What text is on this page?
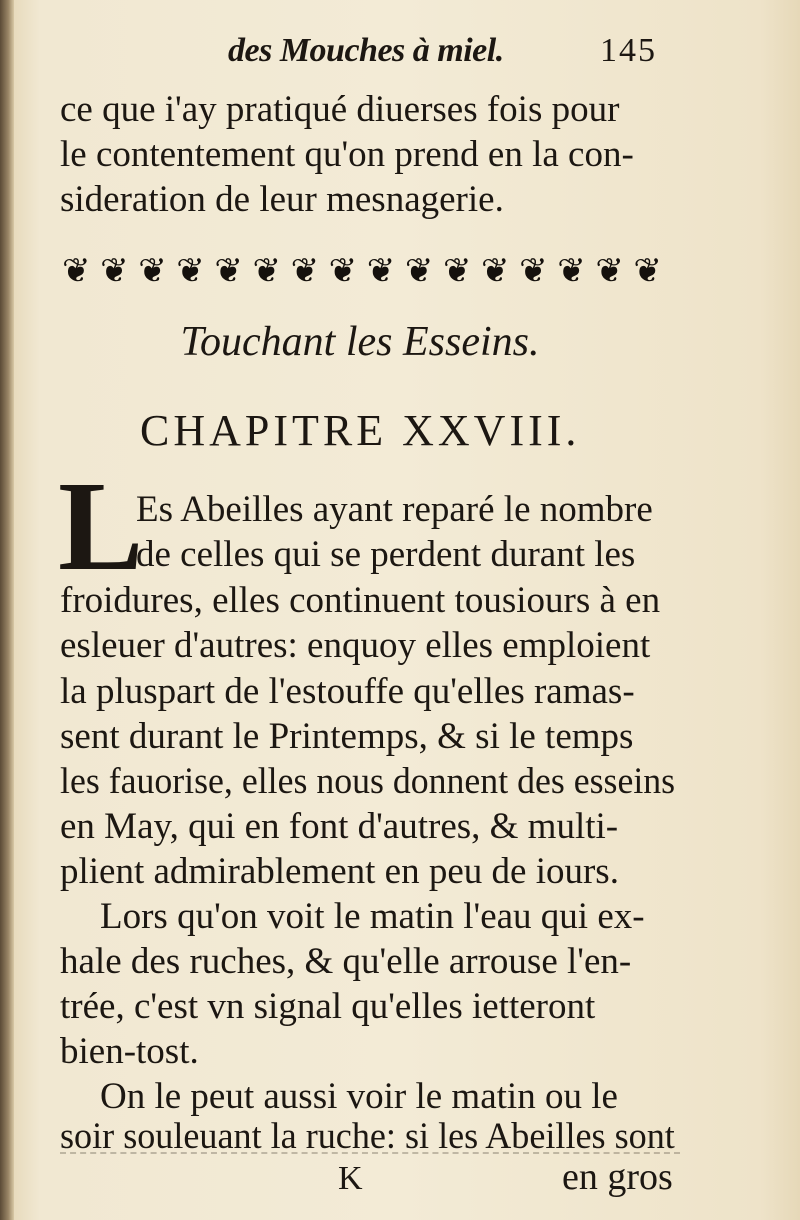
des Mouches à miel.	145
ce que i'ay pratiqué diuerses fois pour
le contentement qu'on prend en la con-
sideration de leur mesnagerie.
❦ ❦ ❦ ❦ ❦ ❦ ❦ ❦ ❦ ❦ ❦ ❦ ❦ ❦ ❦ ❦
Touchant les Esseins.
CHAPITRE XXVIII.
L
Es Abeilles ayant reparé le nombre
de celles qui se perdent durant les
froidures, elles continuent tousiours à en
esleuer d'autres: enquoy elles emploient
la pluspart de l'estouffe qu'elles ramas-
sent durant le Printemps, & si le temps
les fauorise, elles nous donnent des esseins
en May, qui en font d'autres, & multi-
plient admirablement en peu de iours.
Lors qu'on voit le matin l'eau qui ex-
hale des ruches, & qu'elle arrouse l'en-
trée, c'est vn signal qu'elles ietteront
bien-tost.
On le peut aussi voir le matin ou le
soir souleuant la ruche: si les Abeilles sont
K	en gros
